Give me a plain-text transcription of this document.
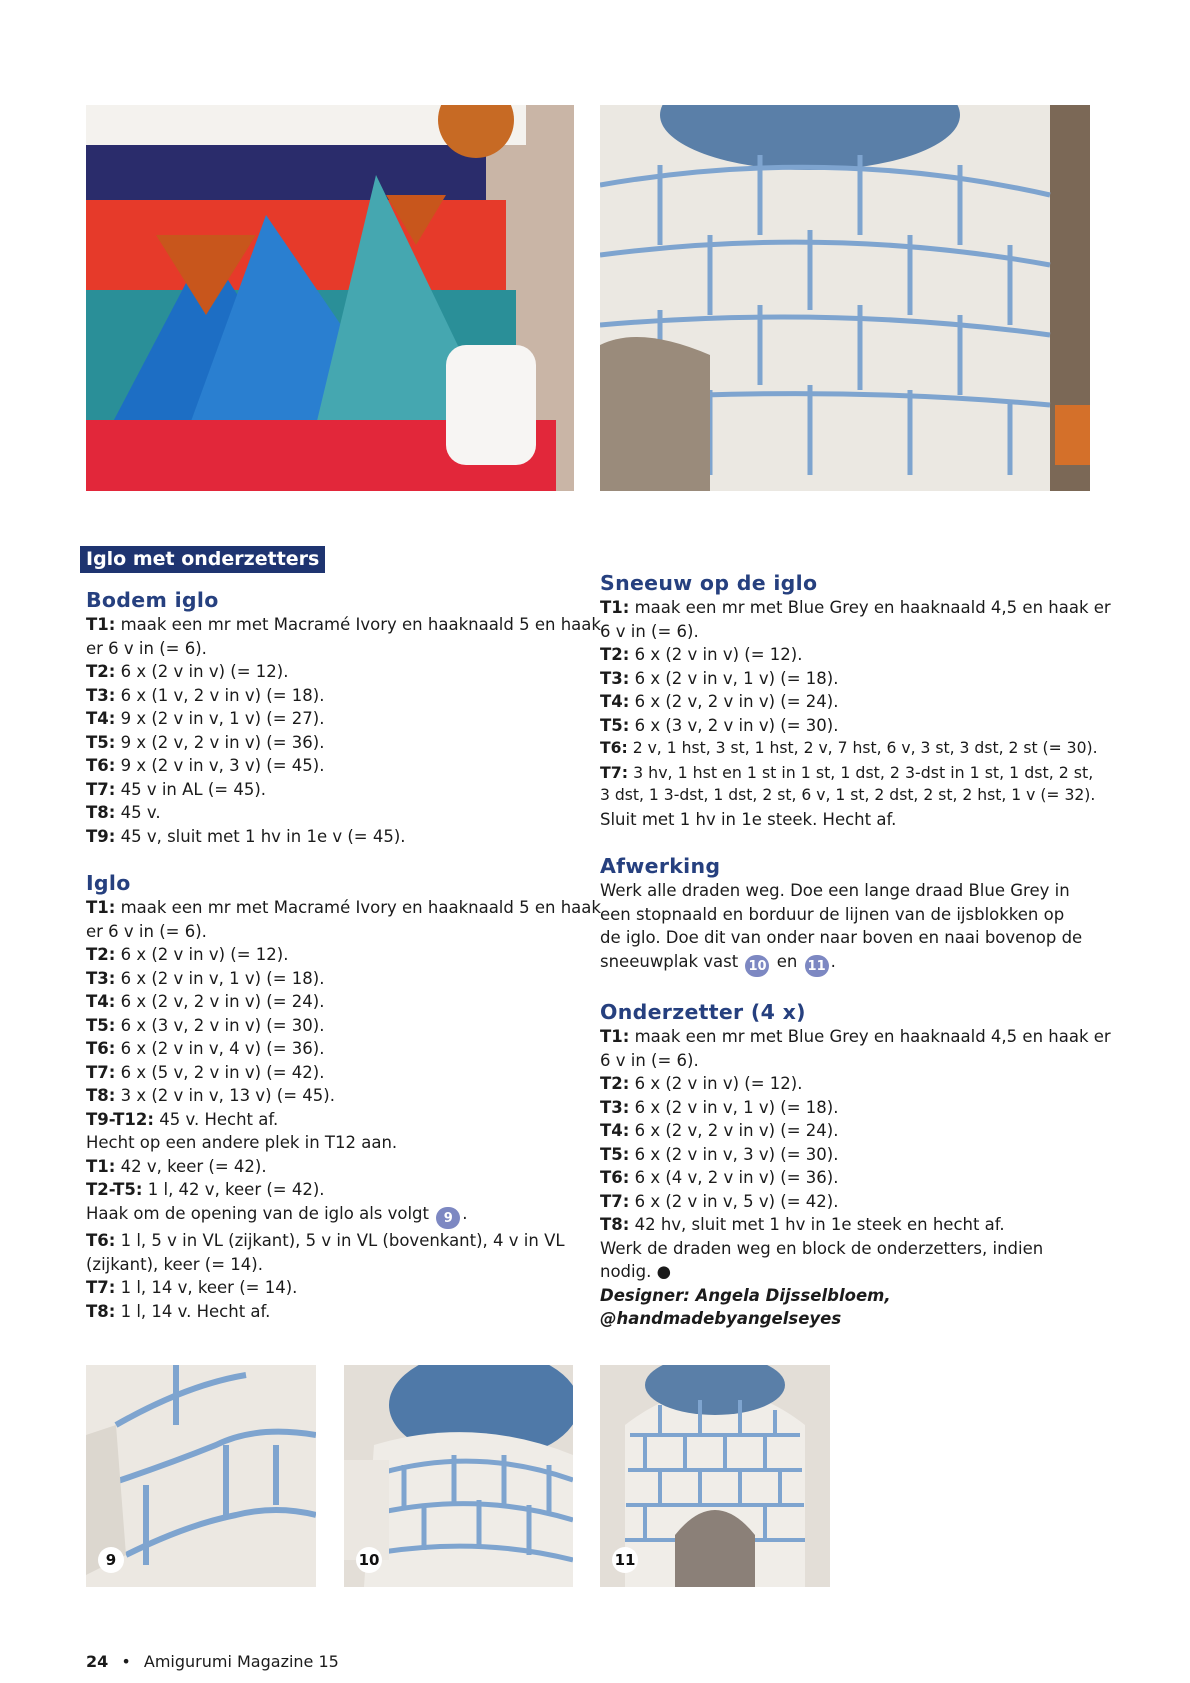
Iglo met onderzetters
Bodem iglo

T1: maak een mr met Macramé Ivory en haaknaald 5 en haak

er 6 v in (= 6).

T2: 6 x (2 v in v) (= 12).

T3: 6 x (1 v, 2 v in v) (= 18).

T4: 9 x (2 v in v, 1 v) (= 27).

T5: 9 x (2 v, 2 v in v) (= 36).

T6: 9 x (2 v in v, 3 v) (= 45).

T7: 45 v in AL (= 45).

T8: 45 v.

T9: 45 v, sluit met 1 hv in 1e v (= 45).

Iglo

T1: maak een mr met Macramé Ivory en haaknaald 5 en haak

er 6 v in (= 6).

T2: 6 x (2 v in v) (= 12).

T3: 6 x (2 v in v, 1 v) (= 18).

T4: 6 x (2 v, 2 v in v) (= 24).

T5: 6 x (3 v, 2 v in v) (= 30).

T6: 6 x (2 v in v, 4 v) (= 36).

T7: 6 x (5 v, 2 v in v) (= 42).

T8: 3 x (2 v in v, 13 v) (= 45).

T9-T12: 45 v. Hecht af.

Hecht op een andere plek in T12 aan.

T1: 42 v, keer (= 42).

T2-T5: 1 l, 42 v, keer (= 42).

Haak om de opening van de iglo als volgt 9 .

T6: 1 l, 5 v in VL (zijkant), 5 v in VL (bovenkant), 4 v in VL

(zijkant), keer (= 14).

T7: 1 l, 14 v, keer (= 14).

T8: 1 l, 14 v. Hecht af.

Sneeuw op de iglo

T1: maak een mr met Blue Grey en haaknaald 4,5 en haak er

6 v in (= 6).

T2: 6 x (2 v in v) (= 12).

T3: 6 x (2 v in v, 1 v) (= 18).

T4: 6 x (2 v, 2 v in v) (= 24).

T5: 6 x (3 v, 2 v in v) (= 30).

T6: 2 v, 1 hst, 3 st, 1 hst, 2 v, 7 hst, 6 v, 3 st, 3 dst, 2 st (= 30).

T7: 3 hv, 1 hst en 1 st in 1 st, 1 dst, 2 3-dst in 1 st, 1 dst, 2 st,

3 dst, 1 3-dst, 1 dst, 2 st, 6 v, 1 st, 2 dst, 2 st, 2 hst, 1 v (= 32).

Sluit met 1 hv in 1e steek. Hecht af.

Afwerking

Werk alle draden weg. Doe een lange draad Blue Grey in

een stopnaald en borduur de lijnen van de ijsblokken op

de iglo. Doe dit van onder naar boven en naai bovenop de

sneeuwplak vast 10 en 11 .

Onderzetter (4 x)

T1: maak een mr met Blue Grey en haaknaald 4,5 en haak er

6 v in (= 6).

T2: 6 x (2 v in v) (= 12).

T3: 6 x (2 v in v, 1 v) (= 18).

T4: 6 x (2 v, 2 v in v) (= 24).

T5: 6 x (2 v in v, 3 v) (= 30).

T6: 6 x (4 v, 2 v in v) (= 36).

T7: 6 x (2 v in v, 5 v) (= 42).

T8: 42 hv, sluit met 1 hv in 1e steek en hecht af.

Werk de draden weg en block de onderzetters, indien

nodig. ●

Designer: Angela Dijsselbloem,

@handmadebyangelseyes

9	10	11
24 • Amigurumi Magazine 15
